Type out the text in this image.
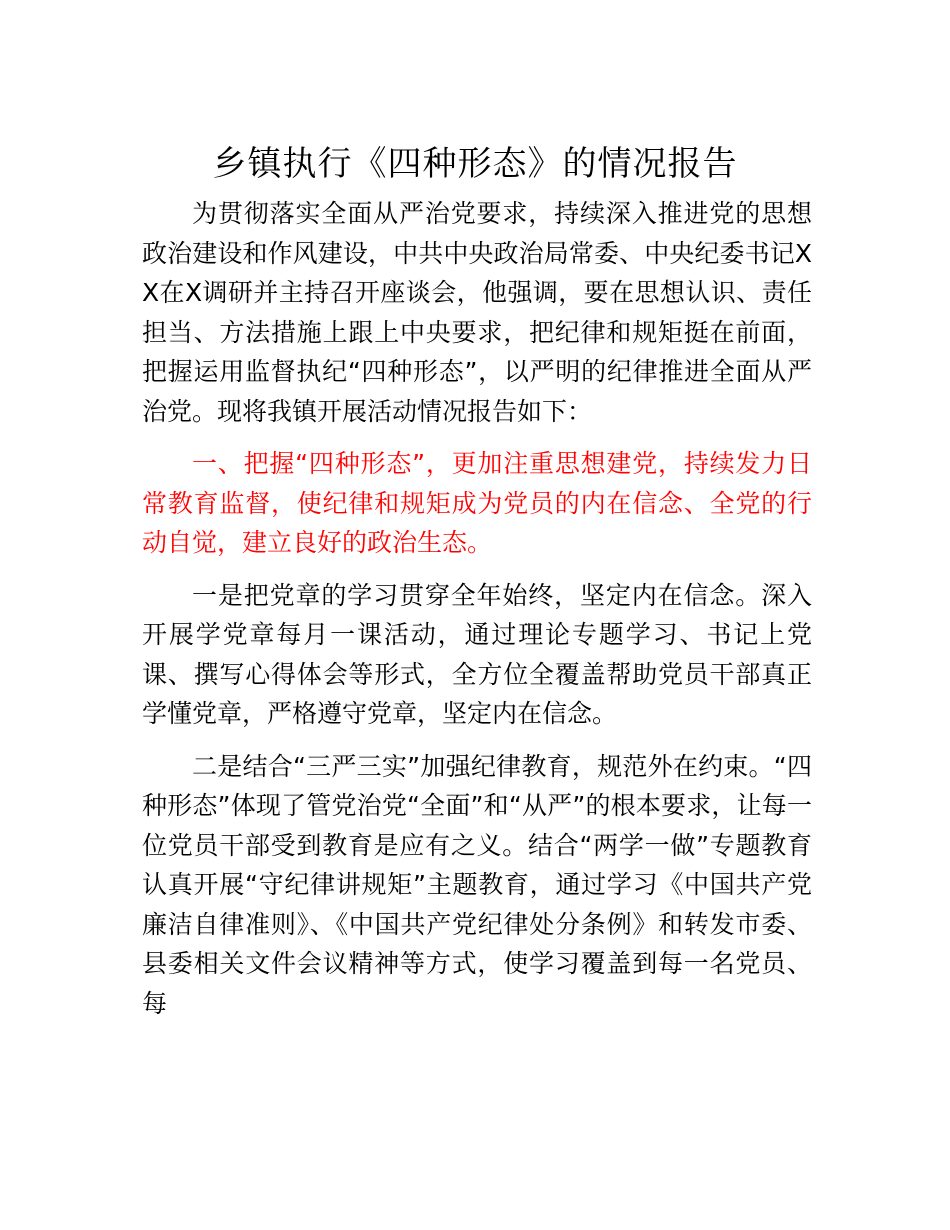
乡镇执行《四种形态》的情况报告

为贯彻落实全面从严治党要求，持续深入推进党的思想政治建设和作风建设，中共中央政治局常委、中央纪委书记XX在X调研并主持召开座谈会，他强调，要在思想认识、责任担当、方法措施上跟上中央要求，把纪律和规矩挺在前面，把握运用监督执纪“四种形态”，以严明的纪律推进全面从严治党。现将我镇开展活动情况报告如下：

一、把握“四种形态”，更加注重思想建党，持续发力日常教育监督，使纪律和规矩成为党员的内在信念、全党的行动自觉，建立良好的政治生态。

一是把党章的学习贯穿全年始终，坚定内在信念。深入开展学党章每月一课活动，通过理论专题学习、书记上党课、撰写心得体会等形式，全方位全覆盖帮助党员干部真正学懂党章，严格遵守党章，坚定内在信念。

二是结合“三严三实”加强纪律教育，规范外在约束。“四种形态”体现了管党治党“全面”和“从严”的根本要求，让每一位党员干部受到教育是应有之义。结合“两学一做”专题教育认真开展“守纪律讲规矩”主题教育，通过学习《中国共产党廉洁自律准则》、《中国共产党纪律处分条例》和转发市委、县委相关文件会议精神等方式，使学习覆盖到每一名党员、每
